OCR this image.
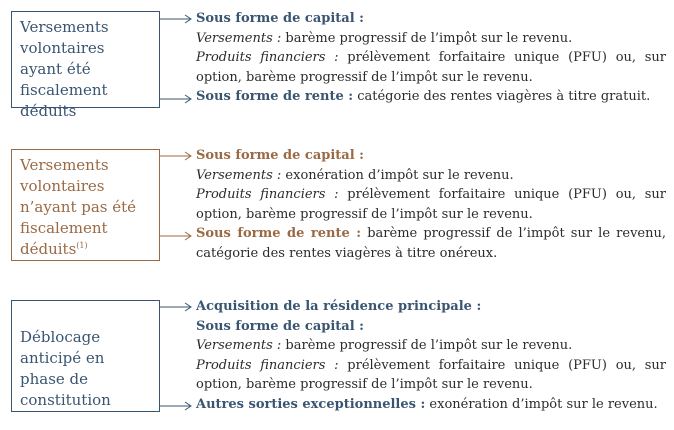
Versements volontaires ayant été fiscalement déduits

Sous forme de capital :

Versements : barème progressif de l’impôt sur le revenu.

Produits financiers : prélèvement forfaitaire unique (PFU) ou, sur option, barème progressif de l’impôt sur le revenu.

Sous forme de rente : catégorie des rentes viagères à titre gratuit.

Versements volontaires n’ayant pas été fiscalement déduits$^{(1)}$

Sous forme de capital :

Versements : exonération d’impôt sur le revenu.

Produits financiers : prélèvement forfaitaire unique (PFU) ou, sur option, barème progressif de l’impôt sur le revenu.

Sous forme de rente : barème progressif de l’impôt sur le revenu, catégorie des rentes viagères à titre onéreux.

Déblocage anticipé en phase de constitution

Acquisition de la résidence principale :

Sous forme de capital :

Versements : barème progressif de l’impôt sur le revenu.

Produits financiers : prélèvement forfaitaire unique (PFU) ou, sur option, barème progressif de l’impôt sur le revenu.

Autres sorties exceptionnelles : exonération d’impôt sur le revenu.
